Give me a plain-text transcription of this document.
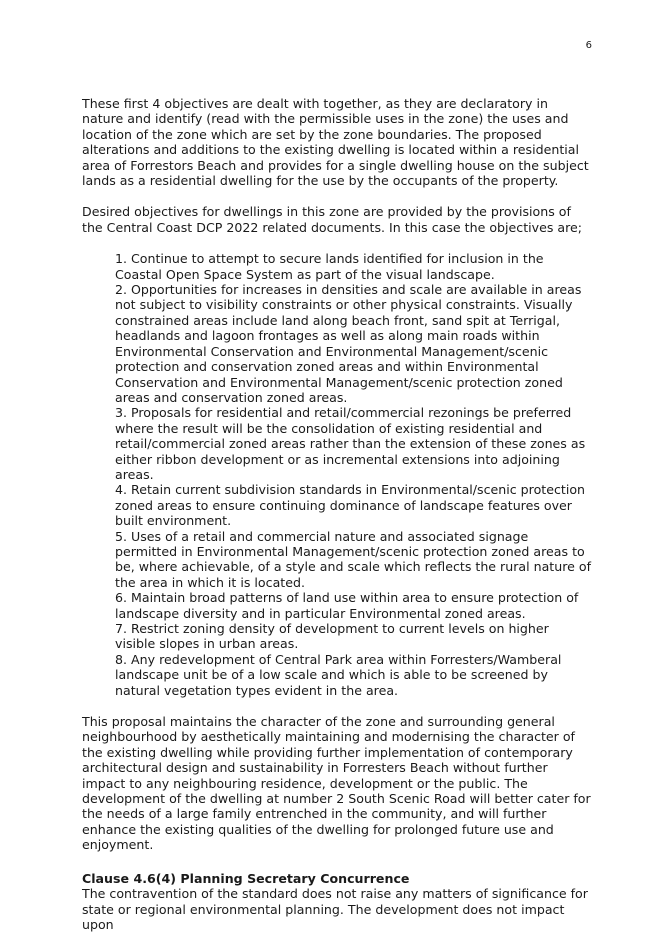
6

These first 4 objectives are dealt with together, as they are declaratory in nature and identify (read with the permissible uses in the zone) the uses and location of the zone which are set by the zone boundaries. The proposed alterations and additions to the existing dwelling is located within a residential area of Forrestors Beach and provides for a single dwelling house on the subject lands as a residential dwelling for the use by the occupants of the property.

Desired objectives for dwellings in this zone are provided by the provisions of the Central Coast DCP 2022 related documents. In this case the objectives are;

1. Continue to attempt to secure lands identified for inclusion in the Coastal Open Space System as part of the visual landscape.
2. Opportunities for increases in densities and scale are available in areas not subject to visibility constraints or other physical constraints. Visually constrained areas include land along beach front, sand spit at Terrigal, headlands and lagoon frontages as well as along main roads within Environmental Conservation and Environmental Management/scenic protection and conservation zoned areas and within Environmental Conservation and Environmental Management/scenic protection zoned areas and conservation zoned areas.
3. Proposals for residential and retail/commercial rezonings be preferred where the result will be the consolidation of existing residential and retail/commercial zoned areas rather than the extension of these zones as either ribbon development or as incremental extensions into adjoining areas.
4. Retain current subdivision standards in Environmental/scenic protection zoned areas to ensure continuing dominance of landscape features over built environment.
5. Uses of a retail and commercial nature and associated signage permitted in Environmental Management/scenic protection zoned areas to be, where achievable, of a style and scale which reflects the rural nature of the area in which it is located.
6. Maintain broad patterns of land use within area to ensure protection of landscape diversity and in particular Environmental zoned areas.
7. Restrict zoning density of development to current levels on higher visible slopes in urban areas.
8. Any redevelopment of Central Park area within Forresters/Wamberal landscape unit be of a low scale and which is able to be screened by natural vegetation types evident in the area.

This proposal maintains the character of the zone and surrounding general neighbourhood by aesthetically maintaining and modernising the character of the existing dwelling while providing further implementation of contemporary architectural design and sustainability in Forresters Beach without further impact to any neighbouring residence, development or the public. The development of the dwelling at number 2 South Scenic Road will better cater for the needs of a large family entrenched in the community, and will further enhance the existing qualities of the dwelling for prolonged future use and enjoyment.

Clause 4.6(4) Planning Secretary Concurrence

The contravention of the standard does not raise any matters of significance for state or regional environmental planning. The development does not impact upon
